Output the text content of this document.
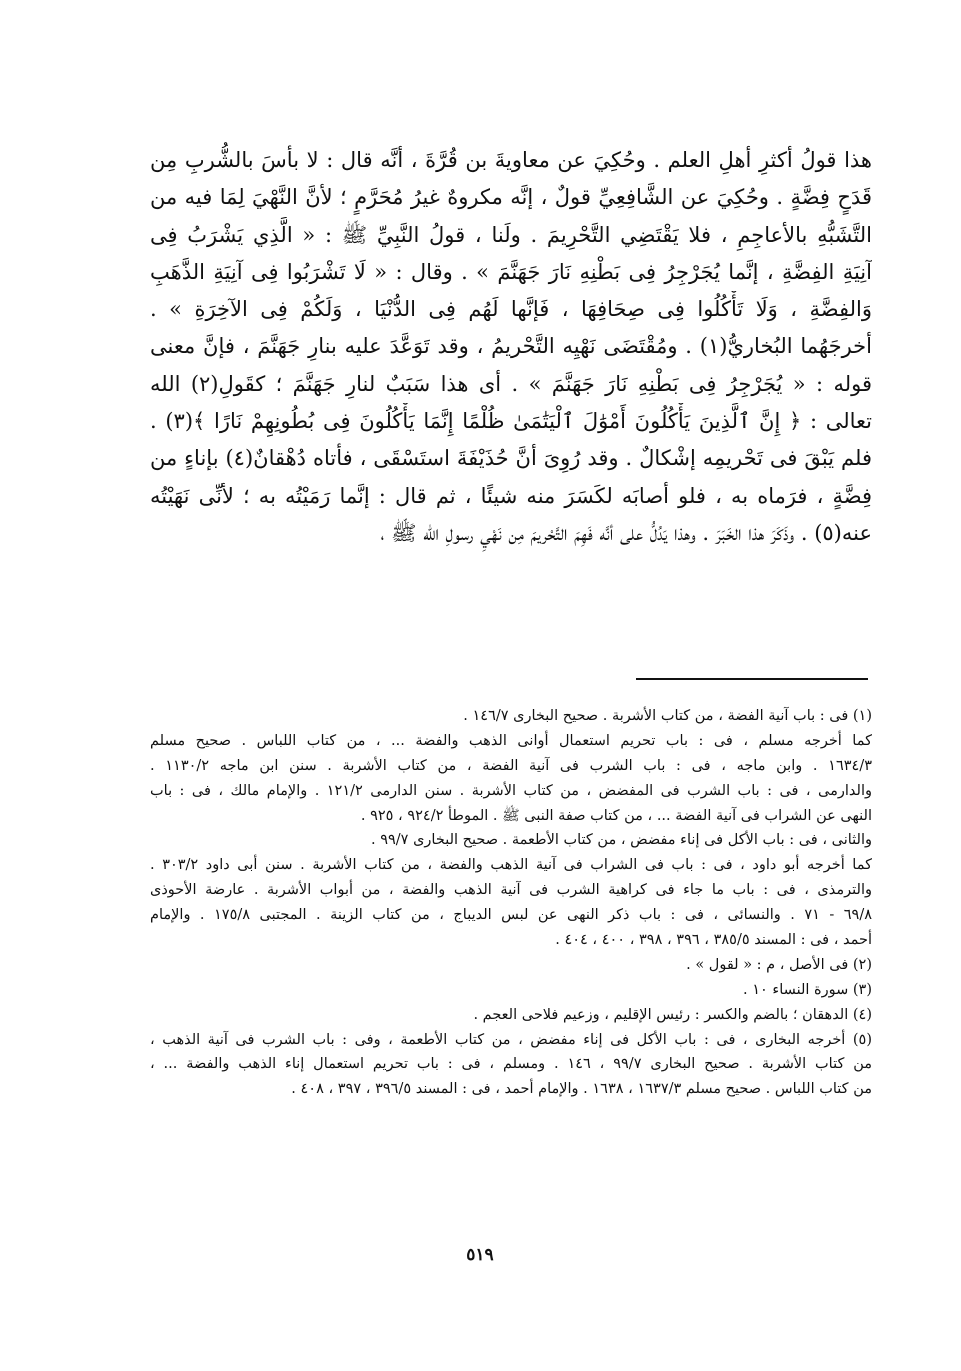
هذا قولُ أكثرِ أهلِ العلم . وحُكِيَ عن معاويةَ بن قُرَّةَ ، أنَّه قال : لا بأسَ بالشُّربِ مِن
قَدَحٍ فِضَّةٍ . وحُكِيَ عن الشَّافِعِيِّ قولٌ ، إنَّه مكروهٌ غيرُ مُحَرَّمٍ ؛ لأنَّ النَّهْيَ لِمَا فيه من
التَّشَبُّهِ بالأعاجِمِ ، فلا يَقْتَضِي التَّحْرِيمَ . ولَنا ، قولُ النَّبِيِّ ﷺ : « الَّذِي يَشْرَبُ فِى
آنِيَةِ الفِضَّةِ ، إنَّما يُجَرْجِرُ فِى بَطْنِهِ نَارَ جَهَنَّمَ » . وقال : « لَا تَشْرَبُوا فِى آنِيَةِ الذَّهَبِ
وَالفِضَّةِ ، وَلَا تَأْكُلُوا فِى صِحَافِهَا ، فَإنَّها لَهُم فِى الدُّنْيَا ، وَلَكُمْ فِى الآخِرَةِ » .
أخرجَهُما البُخاريُّ(١) . ومُقْتَضَى نَهْيِه التَّحْريمُ ، وقد تَوَعَّدَ عليه بنارِ جَهَنَّمَ ، فإنَّ معنى
قوله : « يُجَرْجِرُ فِى بَطْنِهِ نَارَ جَهَنَّمَ » . أى هذا سَبَبٌ لنارِ جَهَنَّمَ ؛ كقَولِ(٢) الله
تعالى : ﴿ إِنَّ ٱلَّذِينَ يَأْكُلُونَ أَمْوَٰلَ ٱلْيَتَٰمَىٰ ظُلْمًا إِنَّمَا يَأْكُلُونَ فِى بُطُونِهِمْ نَارًا ﴾(٣) .
فلم يَبْقَ فى تَحْريمِه إشْكالٌ . وقد رُوِىَ أنَّ حُذَيْفَةَ استَسْقَى ، فأتاه دُهْقانٌ(٤) بإناءٍ من
فِضَّةٍ ، فرَماه به ، فلو أصابَه لكَسَرَ منه شيئًا ، ثم قال : إنَّما رَمَيْتُه به ؛ لأنِّى نَهَيْتُه
عنه(٥) . وذَكَرَ هذا الخَبَرَ . وهذا يَدُلُّ على أنَّه فَهِمَ التَّحْريمَ مِن نَهْيِ رسولِ الله ﷺ ،
(١) فى : باب آنية الفضة ، من كتاب الأشربة . صحيح البخارى ١٤٦/٧ .
كما أخرجه مسلم ، فى : باب تحريم استعمال أوانى الذهب والفضة ... ، من كتاب اللباس . صحيح مسلم
١٦٣٤/٣ . وابن ماجه ، فى : باب الشرب فى آنية الفضة ، من كتاب الأشربة . سنن ابن ماجه ١١٣٠/٢ .
والدارمى ، فى : باب الشرب فى المفضض ، من كتاب الأشربة . سنن الدارمى ١٢١/٢ . والإمام مالك ، فى : باب
النهى عن الشراب فى آنية الفضة ... ، من كتاب صفة النبى ﷺ . الموطأ ٩٢٤/٢ ، ٩٢٥ .
والثانى ، فى : باب الأكل فى إناء مفضض ، من كتاب الأطعمة . صحيح البخارى ٩٩/٧ .
كما أخرجه أبو داود ، فى : باب فى الشراب فى آنية الذهب والفضة ، من كتاب الأشربة . سنن أبى داود ٣٠٣/٢ .
والترمذى ، فى : باب ما جاء فى كراهية الشرب فى آنية الذهب والفضة ، من أبواب الأشربة . عارضة الأحوذى
٦٩/٨ - ٧١ . والنسائى ، فى : باب ذكر النهى عن لبس الديباج ، من كتاب الزينة . المجتبى ١٧٥/٨ . والإمام
أحمد ، فى : المسند ٣٨٥/٥ ، ٣٩٦ ، ٣٩٨ ، ٤٠٠ ، ٤٠٤ .
(٢) فى الأصل ، م : « لقول » .
(٣) سورة النساء ١٠ .
(٤) الدهقان ؛ بالضم والكسر : رئيس الإقليم ، وزعيم فلاحى العجم .
(٥) أخرجه البخارى ، فى : باب الأكل فى إناء مفضض ، من كتاب الأطعمة ، وفى : باب الشرب فى آنية الذهب ،
من كتاب الأشربة . صحيح البخارى ٩٩/٧ ، ١٤٦ . ومسلم ، فى : باب تحريم استعمال إناء الذهب والفضة ... ،
من كتاب اللباس . صحيح مسلم ١٦٣٧/٣ ، ١٦٣٨ . والإمام أحمد ، فى : المسند ٣٩٦/٥ ، ٣٩٧ ، ٤٠٨ .
٥١٩
